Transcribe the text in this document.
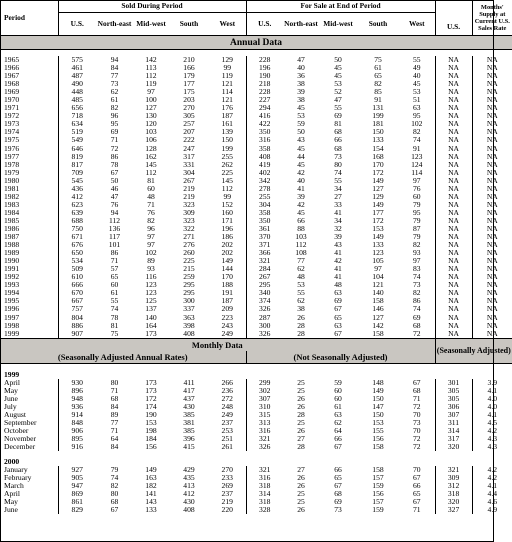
Period	Sold During Period					For Sale at End of Period					U.S.	Months' Supply at Current U.S. Sales Rate
	U.S.	North-east	Mid-west	South	West	U.S.	North-east	Mid-west	South	West		
Annual Data												

1965	575	94	142	210	129	228	47	50	75	55	NA	NA
1966	461	84	113	166	99	196	40	45	61	49	NA	NA
1967	487	77	112	179	119	190	36	45	65	40	NA	NA
1968	490	73	119	177	121	218	38	53	82	45	NA	NA
1969	448	62	97	175	114	228	39	52	85	53	NA	NA
1970	485	61	100	203	121	227	38	47	91	51	NA	NA
1971	656	82	127	270	176	294	45	55	131	63	NA	NA
1972	718	96	130	305	187	416	53	69	199	95	NA	NA
1973	634	95	120	257	161	422	59	81	181	102	NA	NA
1974	519	69	103	207	139	350	50	68	150	82	NA	NA
1975	549	71	106	222	150	316	43	66	133	74	NA	NA
1976	646	72	128	247	199	358	45	68	154	91	NA	NA
1977	819	86	162	317	255	408	44	73	168	123	NA	NA
1978	817	78	145	331	262	419	45	80	170	124	NA	NA
1979	709	67	112	304	225	402	42	74	172	114	NA	NA
1980	545	50	81	267	145	342	40	55	149	97	NA	NA
1981	436	46	60	219	112	278	41	34	127	76	NA	NA
1982	412	47	48	219	99	255	39	27	129	60	NA	NA
1983	623	76	71	323	152	304	42	33	149	79	NA	NA
1984	639	94	76	309	160	358	45	41	177	95	NA	NA
1985	688	112	82	323	171	350	66	34	172	79	NA	NA
1986	750	136	96	322	196	361	88	32	153	87	NA	NA
1987	671	117	97	271	186	370	103	39	149	79	NA	NA
1988	676	101	97	276	202	371	112	43	133	82	NA	NA
1989	650	86	102	260	202	366	108	41	123	93	NA	NA
1990	534	71	89	225	149	321	77	42	105	97	NA	NA
1991	509	57	93	215	144	284	62	41	97	83	NA	NA
1992	610	65	116	259	170	267	48	41	104	74	NA	NA
1993	666	60	123	295	188	295	53	48	121	73	NA	NA
1994	670	61	123	295	191	340	55	63	140	82	NA	NA
1995	667	55	125	300	187	374	62	69	158	86	NA	NA
1996	757	74	137	337	209	326	38	67	146	74	NA	NA
1997	804	78	140	363	223	287	26	65	127	69	NA	NA
1998	886	81	164	398	243	300	28	63	142	68	NA	NA
1999	907	75	173	408	249	326	28	67	158	72	NA	NA
Monthly Data											(Seasonally Adjusted)	
(Seasonally Adjusted Annual Rates)						(Not Seasonally Adjusted)						

1999												
April	930	80	173	411	266	299	25	59	148	67	301	3.9
May	896	71	173	417	236	302	25	60	149	68	305	4.1
June	948	68	172	437	272	307	26	60	150	71	305	4.0
July	936	84	174	430	248	310	26	61	147	72	306	4.0
August	914	89	190	385	249	315	28	63	150	70	307	4.1
September	848	77	153	381	237	313	25	62	153	73	311	4.5
October	906	71	198	385	253	316	26	64	155	70	314	4.2
November	895	64	184	396	251	321	27	66	156	72	317	4.3
December	916	84	156	415	261	326	28	67	158	72	320	4.3

2000												
January	927	79	149	429	270	321	27	66	158	70	321	4.2
February	905	74	163	435	233	316	26	65	157	67	309	4.2
March	947	82	182	413	269	318	26	67	159	66	312	4.1
April	869	80	141	412	237	314	25	68	156	65	318	4.4
May	861	68	143	430	219	318	25	69	157	67	320	4.6
June	829	67	133	408	220	328	26	73	159	71	327	4.9
